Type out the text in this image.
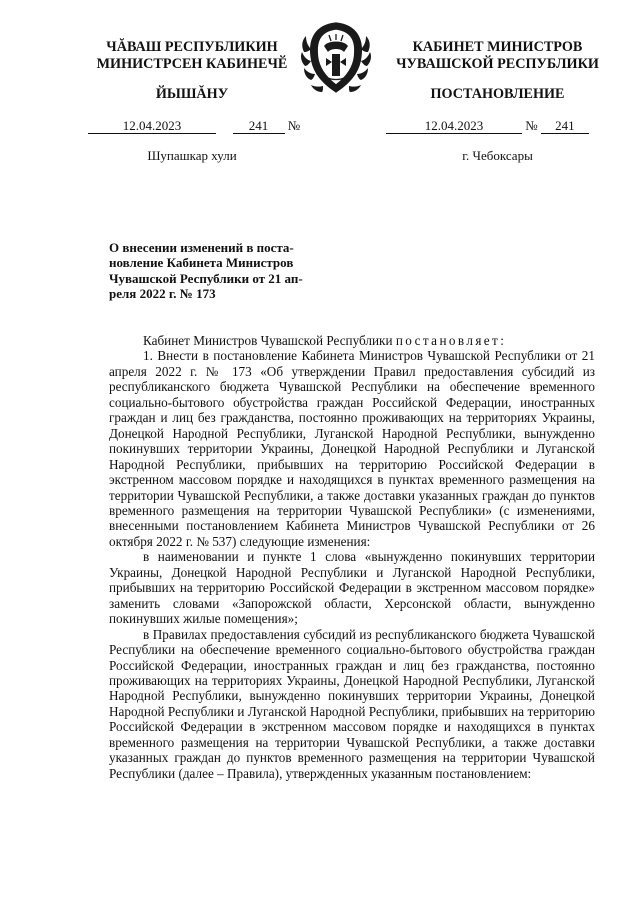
ЧĂВАШ РЕСПУБЛИКИН
МИНИСТРСЕН КАБИНЕЧӖ
ЙЫШĂНУ
КАБИНЕТ МИНИСТРОВ
ЧУВАШСКОЙ РЕСПУБЛИКИ
ПОСТАНОВЛЕНИЕ
12.04.2023	241 №	12.04.2023	№ 241
Шупашкар хули	г. Чебоксары
О внесении изменений в поста-
новление Кабинета Министров
Чувашской Республики от 21 ап-
реля 2022 г. № 173

Кабинет Министров Чувашской Республики постановляет:

1. Внести в постановление Кабинета Министров Чувашской Республики от 21 апреля 2022 г. № 173 «Об утверждении Правил предоставления субсидий из республиканского бюджета Чувашской Республики на обеспечение временного социально-бытового обустройства граждан Российской Федерации, иностранных граждан и лиц без гражданства, постоянно проживающих на территориях Украины, Донецкой Народной Республики, Луганской Народной Республики, вынужденно покинувших территории Украины, Донецкой Народной Республики и Луганской Народной Республики, прибывших на территорию Российской Федерации в экстренном массовом порядке и находящихся в пунктах временного размещения на территории Чувашской Республики, а также доставки указанных граждан до пунктов временного размещения на территории Чувашской Республики» (с изменениями, внесенными постановлением Кабинета Министров Чувашской Республики от 26 октября 2022 г. № 537) следующие изменения:

в наименовании и пункте 1 слова «вынужденно покинувших территории Украины, Донецкой Народной Республики и Луганской Народной Республики, прибывших на территорию Российской Федерации в экстренном массовом порядке» заменить словами «Запорожской области, Херсонской области, вынужденно покинувших жилые помещения»;

в Правилах предоставления субсидий из республиканского бюджета Чувашской Республики на обеспечение временного социально-бытового обустройства граждан Российской Федерации, иностранных граждан и лиц без гражданства, постоянно проживающих на территориях Украины, Донецкой Народной Республики, Луганской Народной Республики, вынужденно покинувших территории Украины, Донецкой Народной Республики и Луганской Народной Республики, прибывших на территорию Российской Федерации в экстренном массовом порядке и находящихся в пунктах временного размещения на территории Чувашской Республики, а также доставки указанных граждан до пунктов временного размещения на территории Чувашской Республики (далее – Правила), утвержденных указанным постановлением:
